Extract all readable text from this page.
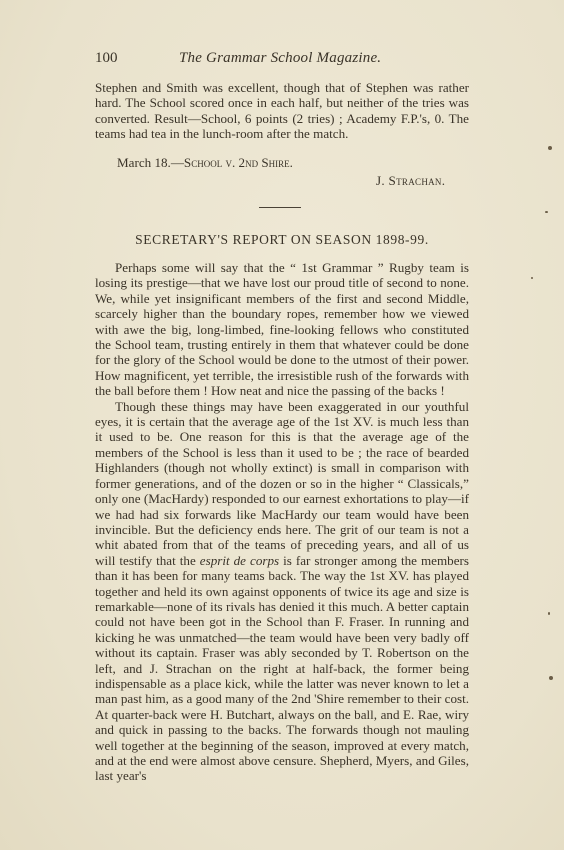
100	The Grammar School Magazine.

Stephen and Smith was excellent, though that of Stephen was rather hard. The School scored once in each half, but neither of the tries was converted. Result—School, 6 points (2 tries) ; Academy F.P.'s, 0. The teams had tea in the lunch-room after the match.

March 18.—School v. 2nd Shire.
J. Strachan.
SECRETARY'S REPORT ON SEASON 1898-99.

Perhaps some will say that the “ 1st Grammar ” Rugby team is losing its prestige—that we have lost our proud title of second to none. We, while yet insignificant members of the first and second Middle, scarcely higher than the boundary ropes, remember how we viewed with awe the big, long-limbed, fine-looking fellows who constituted the School team, trusting entirely in them that whatever could be done for the glory of the School would be done to the utmost of their power. How magnificent, yet terrible, the irresistible rush of the forwards with the ball before them ! How neat and nice the passing of the backs !

Though these things may have been exaggerated in our youthful eyes, it is certain that the average age of the 1st XV. is much less than it used to be. One reason for this is that the average age of the members of the School is less than it used to be ; the race of bearded Highlanders (though not wholly extinct) is small in comparison with former generations, and of the dozen or so in the higher “ Classicals,” only one (MacHardy) responded to our earnest exhortations to play—if we had had six forwards like MacHardy our team would have been invincible. But the deficiency ends here. The grit of our team is not a whit abated from that of the teams of preceding years, and all of us will testify that the esprit de corps is far stronger among the members than it has been for many teams back. The way the 1st XV. has played together and held its own against opponents of twice its age and size is remarkable—none of its rivals has denied it this much. A better captain could not have been got in the School than F. Fraser. In running and kicking he was unmatched—the team would have been very badly off without its captain. Fraser was ably seconded by T. Robertson on the left, and J. Strachan on the right at half-back, the former being indispensable as a place kick, while the latter was never known to let a man past him, as a good many of the 2nd 'Shire remember to their cost. At quarter-back were H. Butchart, always on the ball, and E. Rae, wiry and quick in passing to the backs. The forwards though not mauling well together at the beginning of the season, improved at every match, and at the end were almost above censure. Shepherd, Myers, and Giles, last year's
